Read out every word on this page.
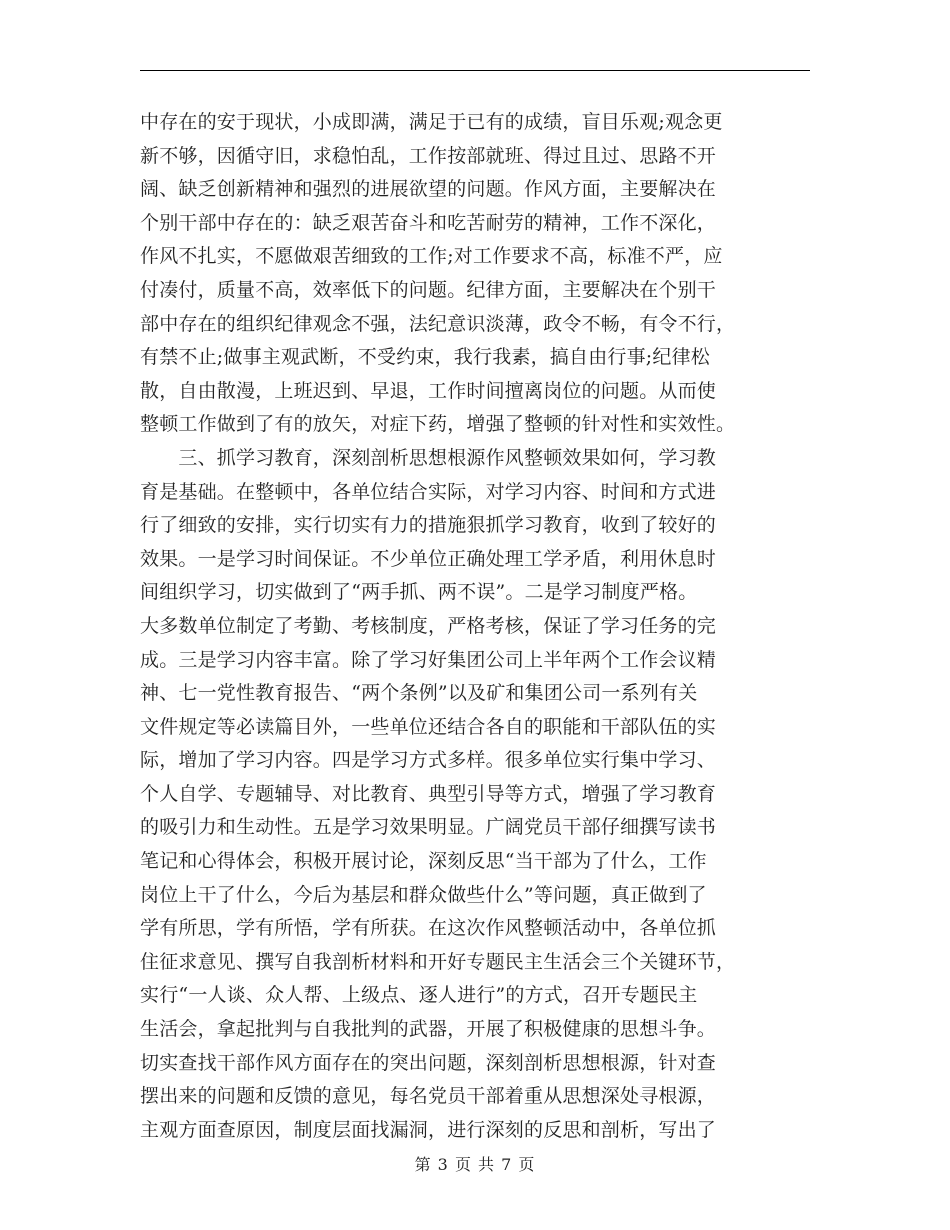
中存在的安于现状，小成即满，满足于已有的成绩，盲目乐观;观念更
新不够，因循守旧，求稳怕乱，工作按部就班、得过且过、思路不开
阔、缺乏创新精神和强烈的进展欲望的问题。作风方面，主要解决在
个别干部中存在的：缺乏艰苦奋斗和吃苦耐劳的精神，工作不深化，
作风不扎实，不愿做艰苦细致的工作;对工作要求不高，标准不严，应
付凑付，质量不高，效率低下的问题。纪律方面，主要解决在个别干
部中存在的组织纪律观念不强，法纪意识淡薄，政令不畅，有令不行，
有禁不止;做事主观武断，不受约束，我行我素，搞自由行事;纪律松
散，自由散漫，上班迟到、早退，工作时间擅离岗位的问题。从而使
整顿工作做到了有的放矢，对症下药，增强了整顿的针对性和实效性。
　　三、抓学习教育，深刻剖析思想根源作风整顿效果如何，学习教
育是基础。在整顿中，各单位结合实际，对学习内容、时间和方式进
行了细致的安排，实行切实有力的措施狠抓学习教育，收到了较好的
效果。一是学习时间保证。不少单位正确处理工学矛盾，利用休息时
间组织学习，切实做到了“两手抓、两不误”。二是学习制度严格。
大多数单位制定了考勤、考核制度，严格考核，保证了学习任务的完
成。三是学习内容丰富。除了学习好集团公司上半年两个工作会议精
神、七一党性教育报告、“两个条例”以及矿和集团公司一系列有关
文件规定等必读篇目外，一些单位还结合各自的职能和干部队伍的实
际，增加了学习内容。四是学习方式多样。很多单位实行集中学习、
个人自学、专题辅导、对比教育、典型引导等方式，增强了学习教育
的吸引力和生动性。五是学习效果明显。广阔党员干部仔细撰写读书
笔记和心得体会，积极开展讨论，深刻反思“当干部为了什么，工作
岗位上干了什么，今后为基层和群众做些什么”等问题，真正做到了
学有所思，学有所悟，学有所获。在这次作风整顿活动中，各单位抓
住征求意见、撰写自我剖析材料和开好专题民主生活会三个关键环节，
实行“一人谈、众人帮、上级点、逐人进行”的方式，召开专题民主
生活会，拿起批判与自我批判的武器，开展了积极健康的思想斗争。
切实查找干部作风方面存在的突出问题，深刻剖析思想根源，针对查
摆出来的问题和反馈的意见，每名党员干部着重从思想深处寻根源，
主观方面查原因，制度层面找漏洞，进行深刻的反思和剖析，写出了
第 3 页 共 7 页
